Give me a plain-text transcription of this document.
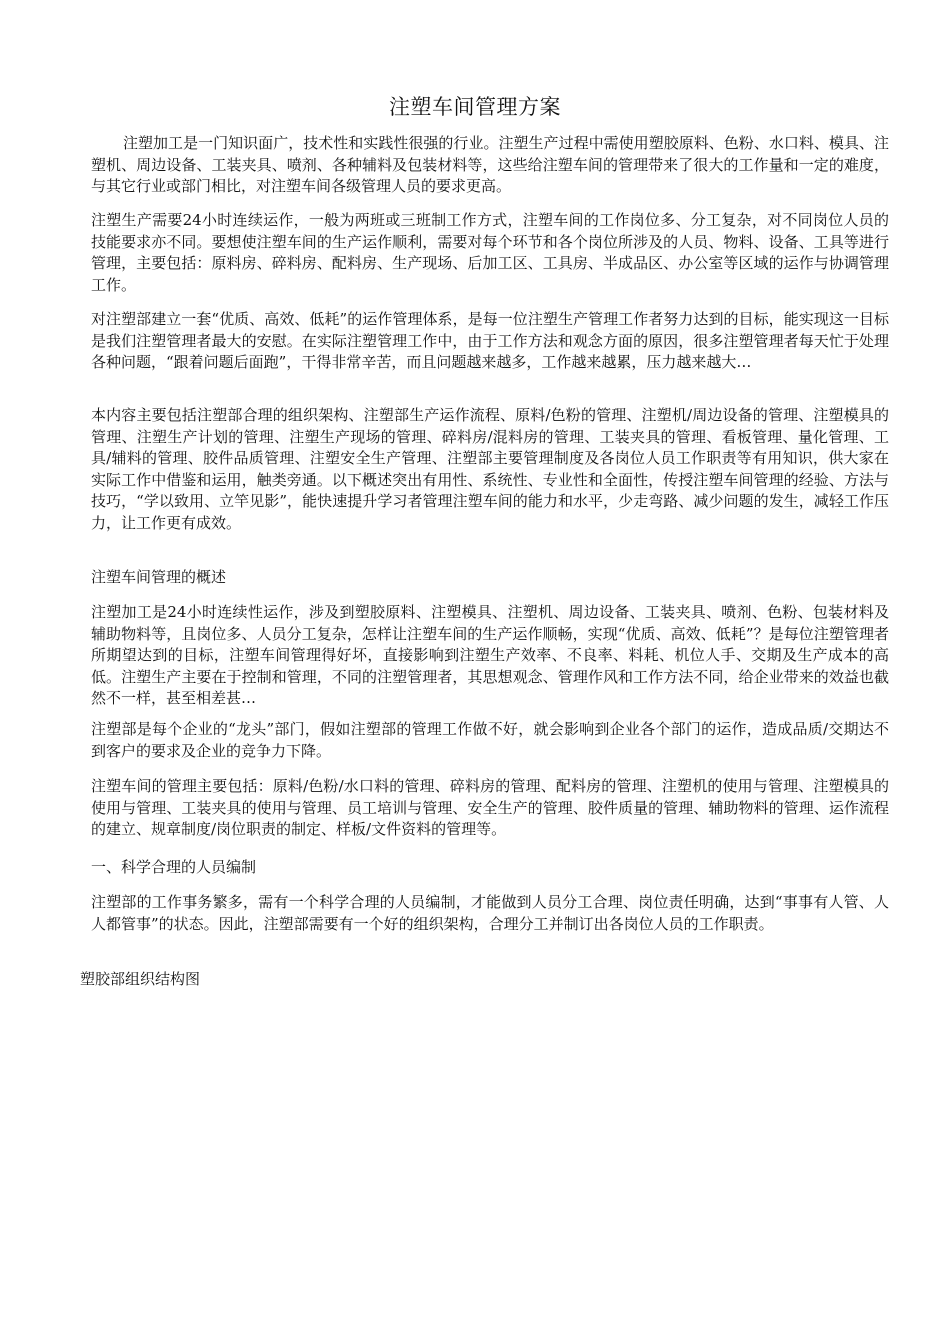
注塑车间管理方案

注塑加工是一门知识面广，技术性和实践性很强的行业。注塑生产过程中需使用塑胶原料、色粉、水口料、模具、注塑机、周边设备、工装夹具、喷剂、各种辅料及包装材料等，这些给注塑车间的管理带来了很大的工作量和一定的难度，与其它行业或部门相比，对注塑车间各级管理人员的要求更高。

注塑生产需要24小时连续运作，一般为两班或三班制工作方式，注塑车间的工作岗位多、分工复杂，对不同岗位人员的技能要求亦不同。要想使注塑车间的生产运作顺利，需要对每个环节和各个岗位所涉及的人员、物料、设备、工具等进行管理，主要包括：原料房、碎料房、配料房、生产现场、后加工区、工具房、半成品区、办公室等区域的运作与协调管理工作。

对注塑部建立一套“优质、高效、低耗”的运作管理体系，是每一位注塑生产管理工作者努力达到的目标，能实现这一目标是我们注塑管理者最大的安慰。在实际注塑管理工作中，由于工作方法和观念方面的原因，很多注塑管理者每天忙于处理各种问题，“跟着问题后面跑”，干得非常辛苦，而且问题越来越多，工作越来越累，压力越来越大…

本内容主要包括注塑部合理的组织架构、注塑部生产运作流程、原料/色粉的管理、注塑机/周边设备的管理、注塑模具的管理、注塑生产计划的管理、注塑生产现场的管理、碎料房/混料房的管理、工装夹具的管理、看板管理、量化管理、工具/辅料的管理、胶件品质管理、注塑安全生产管理、注塑部主要管理制度及各岗位人员工作职责等有用知识，供大家在实际工作中借鉴和运用，触类旁通。以下概述突出有用性、系统性、专业性和全面性，传授注塑车间管理的经验、方法与技巧，“学以致用、立竿见影”，能快速提升学习者管理注塑车间的能力和水平，少走弯路、减少问题的发生，减轻工作压力，让工作更有成效。

注塑车间管理的概述

注塑加工是24小时连续性运作，涉及到塑胶原料、注塑模具、注塑机、周边设备、工装夹具、喷剂、色粉、包装材料及辅助物料等，且岗位多、人员分工复杂，怎样让注塑车间的生产运作顺畅，实现“优质、高效、低耗”？是每位注塑管理者所期望达到的目标，注塑车间管理得好坏，直接影响到注塑生产效率、不良率、料耗、机位人手、交期及生产成本的高低。注塑生产主要在于控制和管理，不同的注塑管理者，其思想观念、管理作风和工作方法不同，给企业带来的效益也截然不一样，甚至相差甚…

注塑部是每个企业的“龙头”部门，假如注塑部的管理工作做不好，就会影响到企业各个部门的运作，造成品质/交期达不到客户的要求及企业的竞争力下降。

注塑车间的管理主要包括：原料/色粉/水口料的管理、碎料房的管理、配料房的管理、注塑机的使用与管理、注塑模具的使用与管理、工装夹具的使用与管理、员工培训与管理、安全生产的管理、胶件质量的管理、辅助物料的管理、运作流程的建立、规章制度/岗位职责的制定、样板/文件资料的管理等。

一、科学合理的人员编制

注塑部的工作事务繁多，需有一个科学合理的人员编制，才能做到人员分工合理、岗位责任明确，达到“事事有人管、人人都管事”的状态。因此，注塑部需要有一个好的组织架构，合理分工并制订出各岗位人员的工作职责。

塑胶部组织结构图
